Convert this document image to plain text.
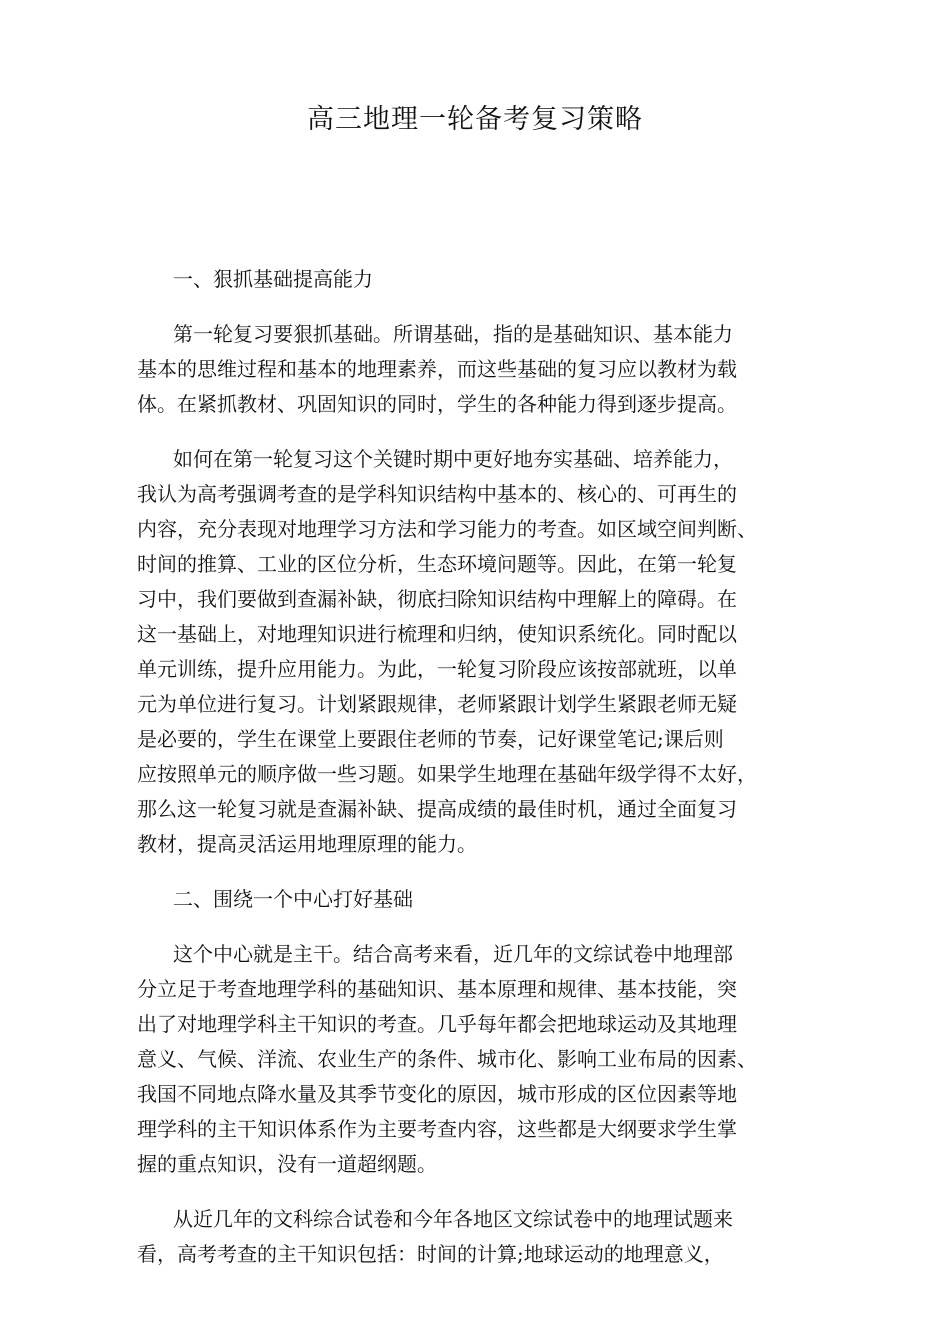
高三地理一轮备考复习策略
一、狠抓基础提高能力
第一轮复习要狠抓基础。所谓基础，指的是基础知识、基本能力
基本的思维过程和基本的地理素养，而这些基础的复习应以教材为载
体。在紧抓教材、巩固知识的同时，学生的各种能力得到逐步提高。
如何在第一轮复习这个关键时期中更好地夯实基础、培养能力，
我认为高考强调考查的是学科知识结构中基本的、核心的、可再生的
内容，充分表现对地理学习方法和学习能力的考查。如区域空间判断、
时间的推算、工业的区位分析，生态环境问题等。因此，在第一轮复
习中，我们要做到查漏补缺，彻底扫除知识结构中理解上的障碍。在
这一基础上，对地理知识进行梳理和归纳，使知识系统化。同时配以
单元训练，提升应用能力。为此，一轮复习阶段应该按部就班，以单
元为单位进行复习。计划紧跟规律，老师紧跟计划学生紧跟老师无疑
是必要的，学生在课堂上要跟住老师的节奏，记好课堂笔记;课后则
应按照单元的顺序做一些习题。如果学生地理在基础年级学得不太好，
那么这一轮复习就是查漏补缺、提高成绩的最佳时机，通过全面复习
教材，提高灵活运用地理原理的能力。
二、围绕一个中心打好基础
这个中心就是主干。结合高考来看，近几年的文综试卷中地理部
分立足于考查地理学科的基础知识、基本原理和规律、基本技能，突
出了对地理学科主干知识的考查。几乎每年都会把地球运动及其地理
意义、气候、洋流、农业生产的条件、城市化、影响工业布局的因素、
我国不同地点降水量及其季节变化的原因，城市形成的区位因素等地
理学科的主干知识体系作为主要考查内容，这些都是大纲要求学生掌
握的重点知识，没有一道超纲题。
从近几年的文科综合试卷和今年各地区文综试卷中的地理试题来
看，高考考查的主干知识包括：时间的计算;地球运动的地理意义，
